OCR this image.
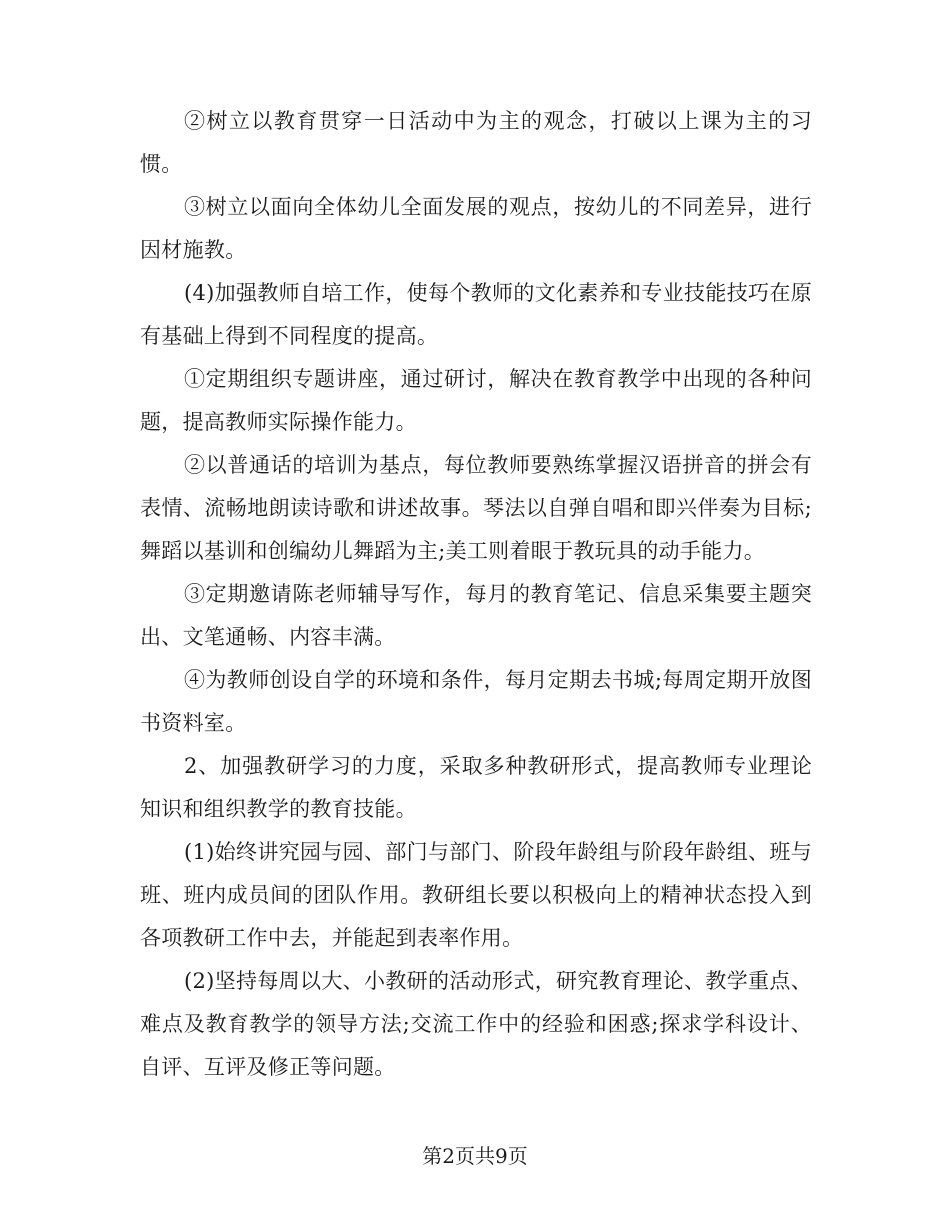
②树立以教育贯穿一日活动中为主的观念，打破以上课为主的习惯。

③树立以面向全体幼儿全面发展的观点，按幼儿的不同差异，进行因材施教。

(4)加强教师自培工作，使每个教师的文化素养和专业技能技巧在原有基础上得到不同程度的提高。

①定期组织专题讲座，通过研讨，解决在教育教学中出现的各种问题，提高教师实际操作能力。

②以普通话的培训为基点，每位教师要熟练掌握汉语拼音的拼会有表情、流畅地朗读诗歌和讲述故事。琴法以自弹自唱和即兴伴奏为目标;舞蹈以基训和创编幼儿舞蹈为主;美工则着眼于教玩具的动手能力。

③定期邀请陈老师辅导写作，每月的教育笔记、信息采集要主题突出、文笔通畅、内容丰满。

④为教师创设自学的环境和条件，每月定期去书城;每周定期开放图书资料室。

2、加强教研学习的力度，采取多种教研形式，提高教师专业理论知识和组织教学的教育技能。

(1)始终讲究园与园、部门与部门、阶段年龄组与阶段年龄组、班与班、班内成员间的团队作用。教研组长要以积极向上的精神状态投入到各项教研工作中去，并能起到表率作用。

(2)坚持每周以大、小教研的活动形式，研究教育理论、教学重点、难点及教育教学的领导方法;交流工作中的经验和困惑;探求学科设计、自评、互评及修正等问题。

第2页共9页
